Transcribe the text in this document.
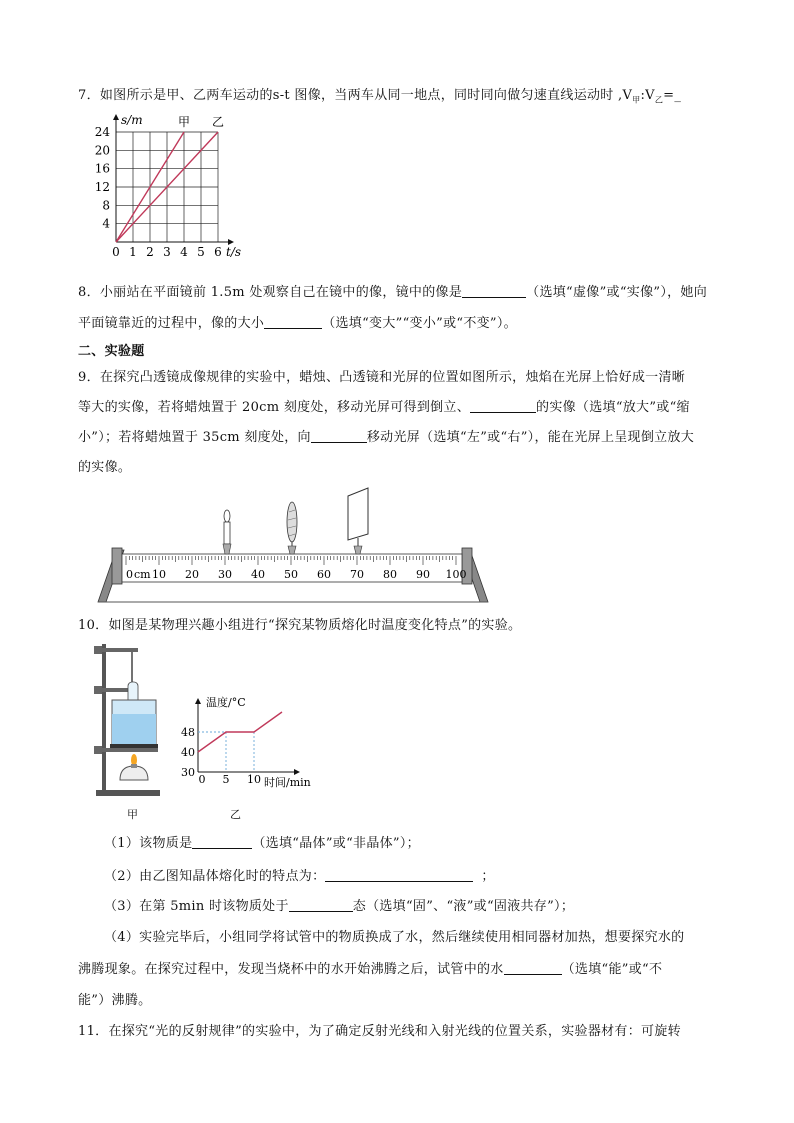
7．如图所示是甲、乙两车运动的s-t 图像，当两车从同一地点，同时同向做匀速直线运动时 $,V_甲:V_乙=\_$
0 1 2 3 4 5 6
4
8
12
16
20
24
s/m
t/s
甲 乙
8．小丽站在平面镜前 1.5m 处观察自己在镜中的像，镜中的像是	（选填“虚像”或“实像”），她向
平面镜靠近的过程中，像的大小	（选填“变大”“变小”或“不变”）。
二、实验题
9．在探究凸透镜成像规律的实验中，蜡烛、凸透镜和光屏的位置如图所示，烛焰在光屏上恰好成一清晰
等大的实像，若将蜡烛置于 20cm 刻度处，移动光屏可得到倒立、	的实像（选填“放大”或“缩
小”）；若将蜡烛置于 35cm 刻度处，向	移动光屏（选填“左”或“右”），能在光屏上呈现倒立放大
的实像。
0 10 20 30 40 50 60 70 80 90 100
cm
10．如图是某物理兴趣小组进行“探究某物质熔化时温度变化特点”的实验。
甲
温度/°C
时间/min
0 5 10
30
40
48
乙
（1）该物质是	（选填“晶体”或“非晶体”）；
（2）由乙图知晶体熔化时的特点为：	；
（3）在第 5min 时该物质处于	态（选填“固”、“液”或“固液共存”）；
（4）实验完毕后，小组同学将试管中的物质换成了水，然后继续使用相同器材加热，想要探究水的
沸腾现象。在探究过程中，发现当烧杯中的水开始沸腾之后，试管中的水	（选填“能”或“不
能”）沸腾。
11．在探究“光的反射规律”的实验中，为了确定反射光线和入射光线的位置关系，实验器材有：可旋转
